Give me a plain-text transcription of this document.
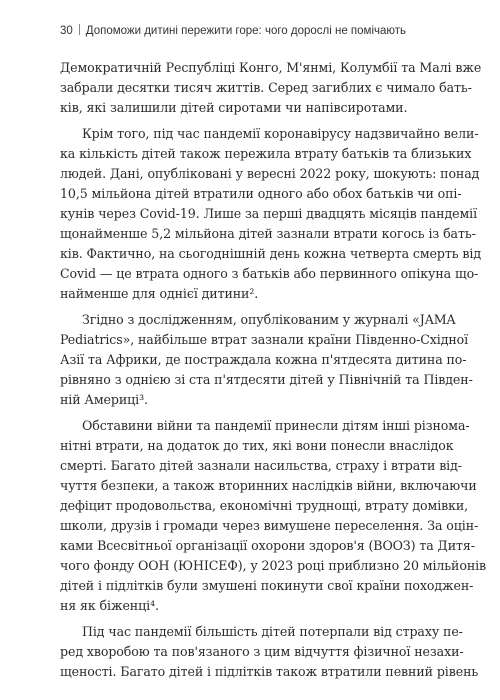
30 Допоможи дитині пережити горе: чого дорослі не помічають

Демократичній Республіці Конго, М'янмі, Колумбії та Малі вже
забрали десятки тисяч життів. Серед загиблих є чимало бать-
ків, які залишили дітей сиротами чи напівсиротами.

Крім того, під час пандемії коронавірусу надзвичайно вели-
ка кількість дітей також пережила втрату батьків та близьких
людей. Дані, опубліковані у вересні 2022 року, шокують: понад
10,5 мільйона дітей втратили одного або обох батьків чи опі-
кунів через Covid-19. Лише за перші двадцять місяців пандемії
щонайменше 5,2 мільйона дітей зазнали втрати когось із бать-
ків. Фактично, на сьогоднішній день кожна четверта смерть від
Covid — це втрата одного з батьків або первинного опікуна що-
найменше для однієї дитини².

Згідно з дослідженням, опублікованим у журналі «JAMA
Pediatrics», найбільше втрат зазнали країни Південно-Східної
Азії та Африки, де постраждала кожна п'ятдесята дитина по-
рівняно з однією зі ста п'ятдесяти дітей у Північній та Півден-
ній Америці³.

Обставини війни та пандемії принесли дітям інші різнома-
нітні втрати, на додаток до тих, які вони понесли внаслідок
смерті. Багато дітей зазнали насильства, страху і втрати від-
чуття безпеки, а також вторинних наслідків війни, включаючи
дефіцит продовольства, економічні труднощі, втрату домівки,
школи, друзів і громади через вимушене переселення. За оцін-
ками Всесвітньої організації охорони здоров'я (ВООЗ) та Дитя-
чого фонду ООН (ЮНІСЕФ), у 2023 році приблизно 20 мільйонів
дітей і підлітків були змушені покинути свої країни походжен-
ня як біженці⁴.

Під час пандемії більшість дітей потерпали від страху пе-
ред хворобою та пов'язаного з цим відчуття фізичної незахи-
щеності. Багато дітей і підлітків також втратили певний рівень
